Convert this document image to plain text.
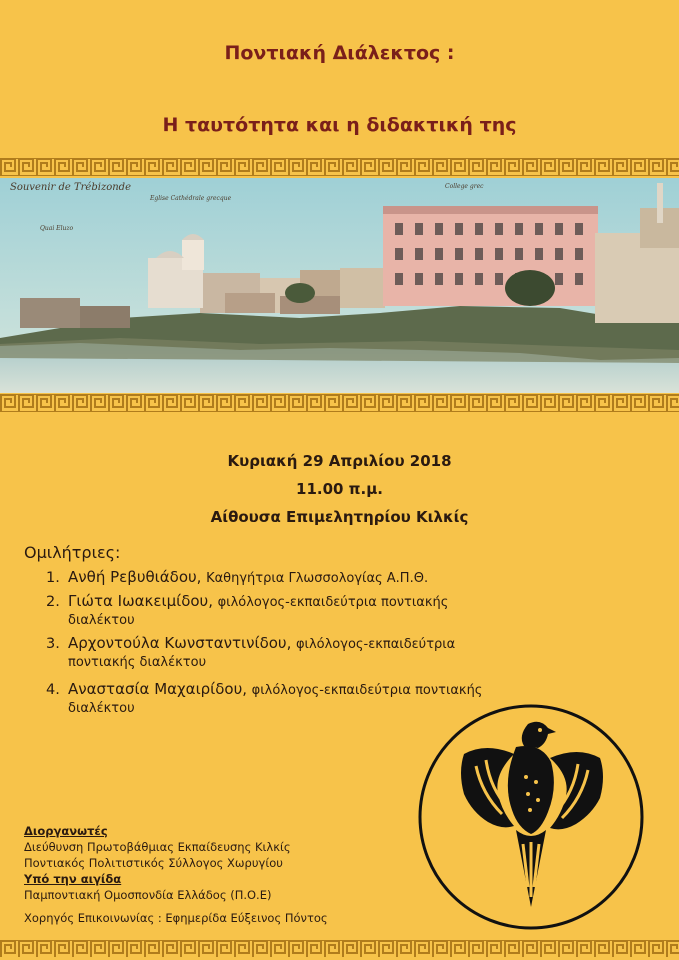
Ποντιακή Διάλεκτος :
Η ταυτότητα και η διδακτική της
Souvenir de Trébizonde
Quai Eluzo
Eglise Cathédrale grecque
College grec
Κυριακή 29 Απριλίου 2018
11.00 π.μ.
Αίθουσα Επιμελητηρίου Κιλκίς
Ομιλήτριες:
1. Ανθή Ρεβυθιάδου, Καθηγήτρια Γλωσσολογίας Α.Π.Θ.
2. Γιώτα Ιωακειμίδου, φιλόλογος-εκπαιδεύτρια ποντιακής
διαλέκτου
3. Αρχοντούλα Κωνσταντινίδου, φιλόλογος-εκπαιδεύτρια
ποντιακής διαλέκτου
4. Αναστασία Μαχαιρίδου, φιλόλογος-εκπαιδεύτρια ποντιακής
διαλέκτου
Διοργανωτές
Διεύθυνση Πρωτοβάθμιας Εκπαίδευσης Κιλκίς
Ποντιακός Πολιτιστικός Σύλλογος Χωρυγίου
Υπό την αιγίδα
Παμποντιακή Ομοσπονδία Ελλάδος (Π.Ο.Ε)
Χορηγός Επικοινωνίας : Εφημερίδα Εύξεινος Πόντος
